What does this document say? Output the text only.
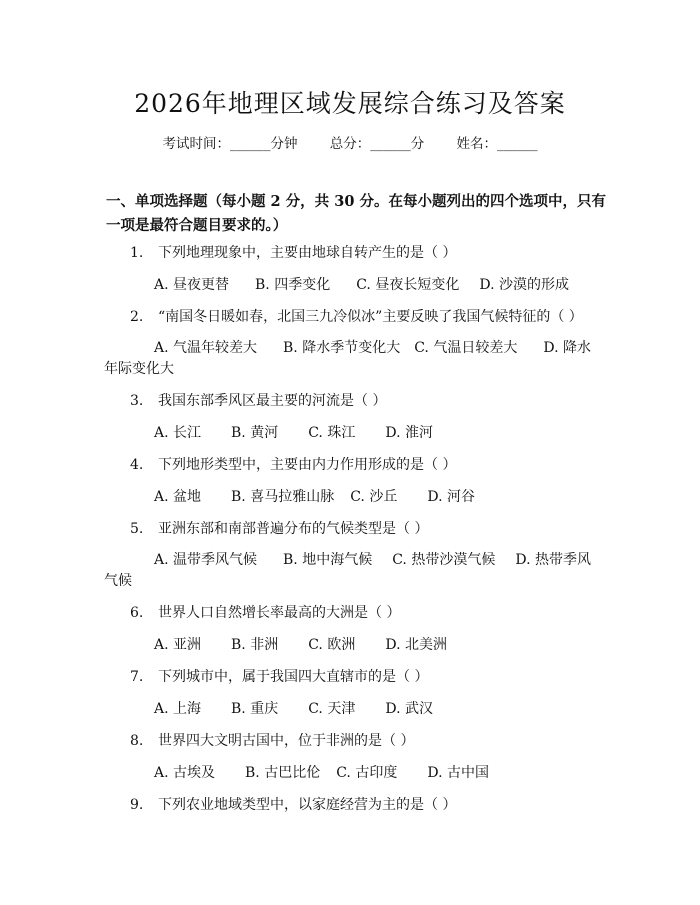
2026年地理区域发展综合练习及答案
考试时间：______分钟 总分：______分 姓名：______
一、单项选择题（每小题 2 分，共 30 分。在每小题列出的四个选项中，只有一项是最符合题目要求的。）
1. 下列地理现象中，主要由地球自转产生的是（ ）
A. 昼夜更替 B. 四季变化 C. 昼夜长短变化 D. 沙漠的形成
2. “南国冬日暖如春，北国三九冷似冰”主要反映了我国气候特征的（ ）
A. 气温年较差大 B. 降水季节变化大 C. 气温日较差大 D. 降水年际变化大
3. 我国东部季风区最主要的河流是（ ）
A. 长江 B. 黄河 C. 珠江 D. 淮河
4. 下列地形类型中，主要由内力作用形成的是（ ）
A. 盆地 B. 喜马拉雅山脉 C. 沙丘 D. 河谷
5. 亚洲东部和南部普遍分布的气候类型是（ ）
A. 温带季风气候 B. 地中海气候 C. 热带沙漠气候 D. 热带季风气候
6. 世界人口自然增长率最高的大洲是（ ）
A. 亚洲 B. 非洲 C. 欧洲 D. 北美洲
7. 下列城市中，属于我国四大直辖市的是（ ）
A. 上海 B. 重庆 C. 天津 D. 武汉
8. 世界四大文明古国中，位于非洲的是（ ）
A. 古埃及 B. 古巴比伦 C. 古印度 D. 古中国
9. 下列农业地域类型中，以家庭经营为主的是（ ）
